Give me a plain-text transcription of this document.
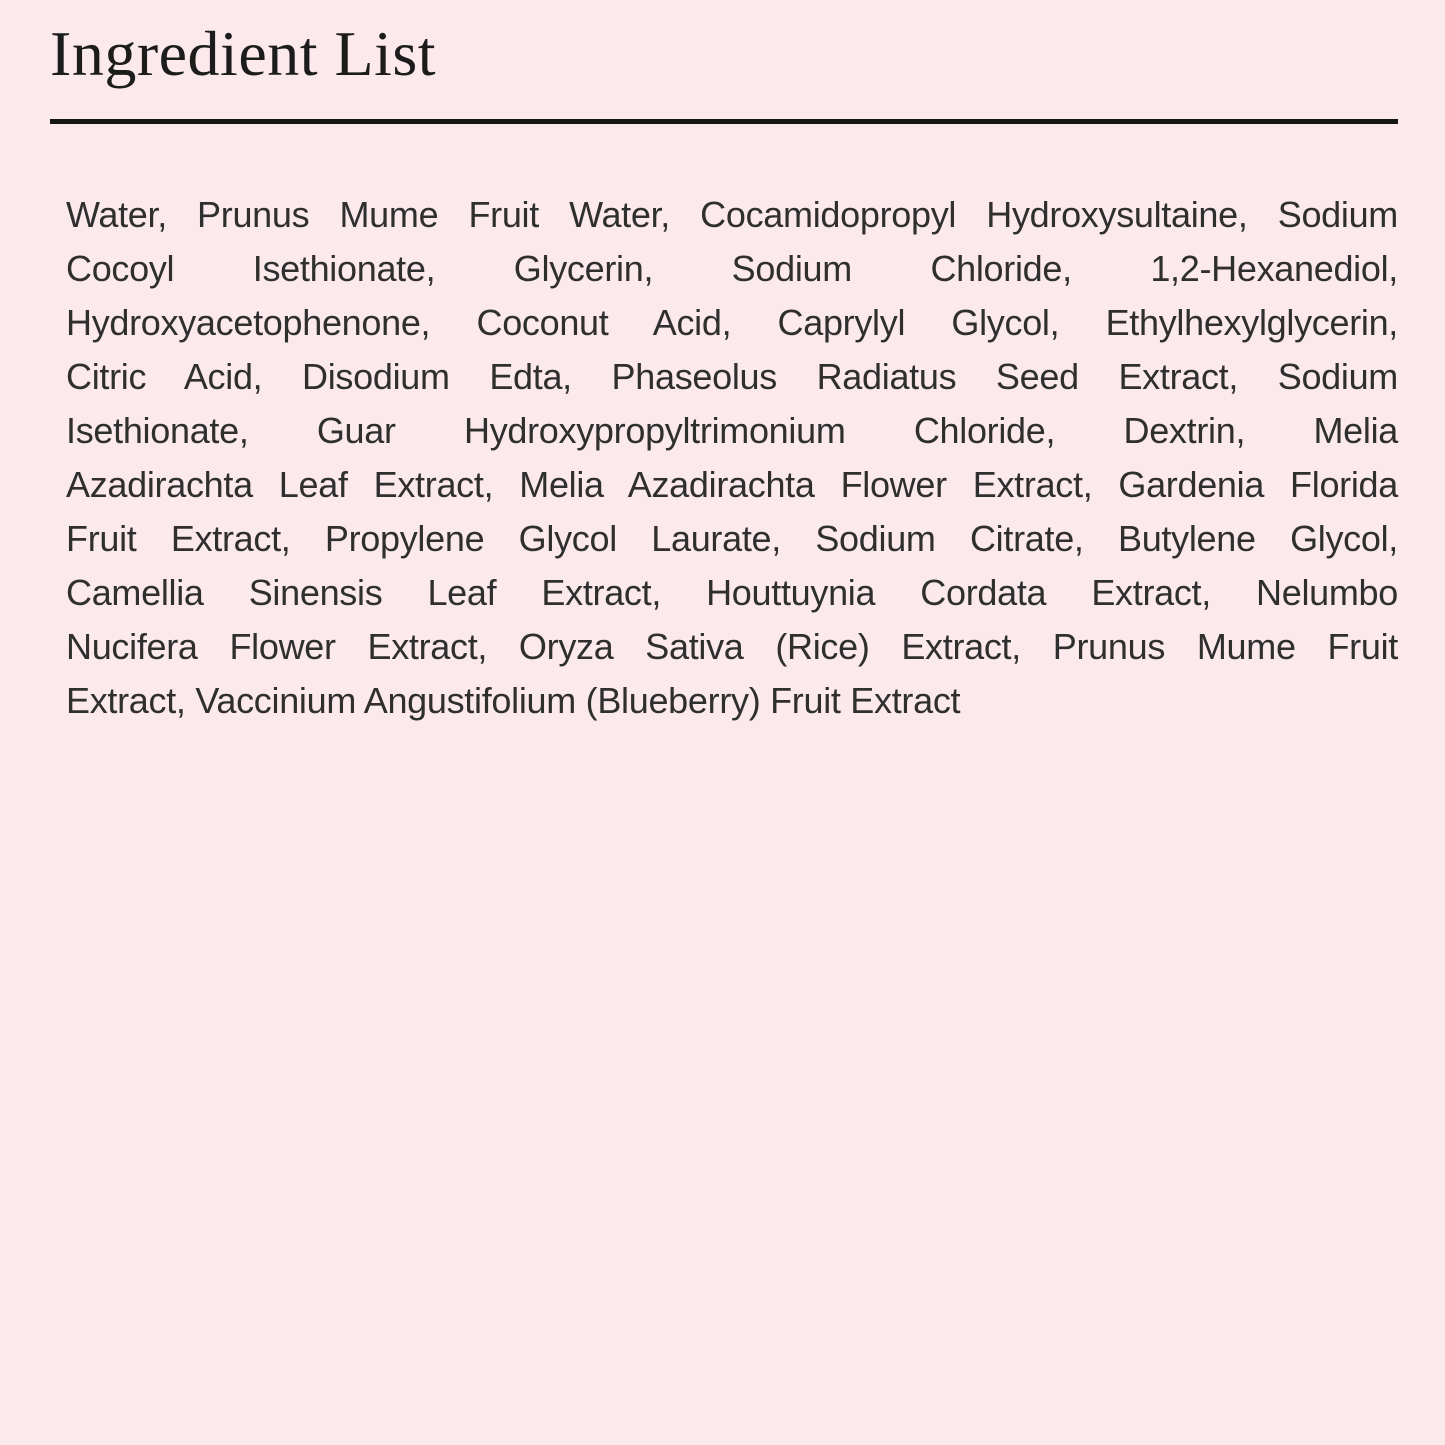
Ingredient List
Water, Prunus Mume Fruit Water, Cocamidopropyl Hydroxysultaine, Sodium
Cocoyl Isethionate, Glycerin, Sodium Chloride, 1,2-Hexanediol,
Hydroxyacetophenone, Coconut Acid, Caprylyl Glycol, Ethylhexylglycerin,
Citric Acid, Disodium Edta, Phaseolus Radiatus Seed Extract, Sodium
Isethionate, Guar Hydroxypropyltrimonium Chloride, Dextrin, Melia
Azadirachta Leaf Extract, Melia Azadirachta Flower Extract, Gardenia Florida
Fruit Extract, Propylene Glycol Laurate, Sodium Citrate, Butylene Glycol,
Camellia Sinensis Leaf Extract, Houttuynia Cordata Extract, Nelumbo
Nucifera Flower Extract, Oryza Sativa (Rice) Extract, Prunus Mume Fruit
Extract, Vaccinium Angustifolium (Blueberry) Fruit Extract
